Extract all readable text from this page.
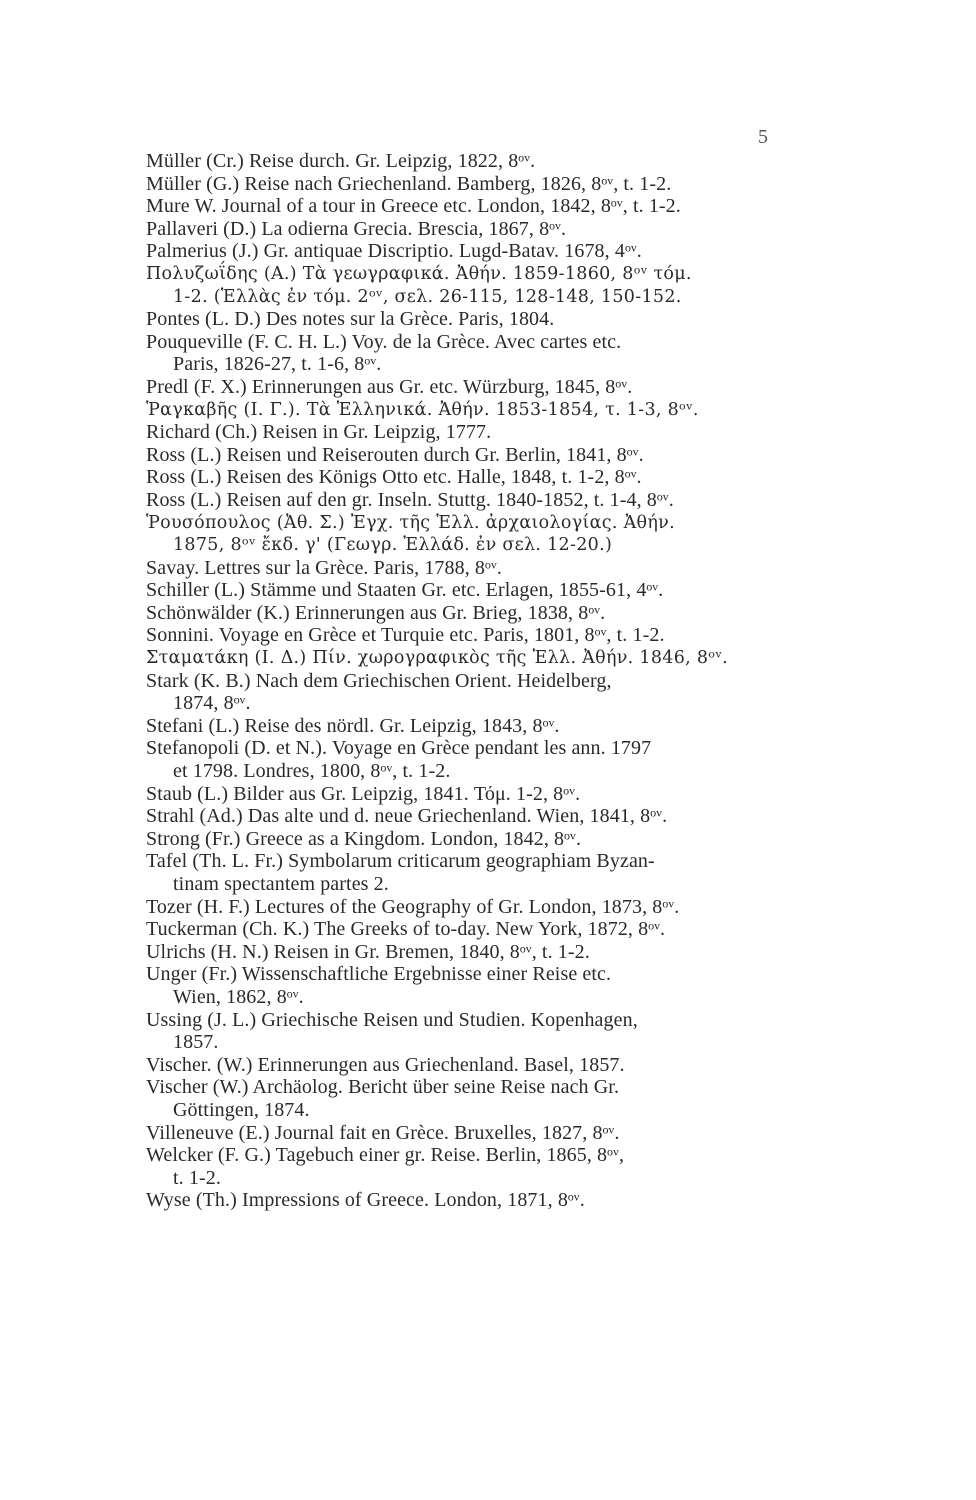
5

Müller (Cr.) Reise durch. Gr. Leipzig, 1822, 8ᵒᵛ.

Müller (G.) Reise nach Griechenland. Bamberg, 1826, 8ᵒᵛ, t. 1-2.

Mure W. Journal of a tour in Greece etc. London, 1842, 8ᵒᵛ, t. 1-2.

Pallaveri (D.) La odierna Grecia. Brescia, 1867, 8ᵒᵛ.

Palmerius (J.) Gr. antiquae Discriptio. Lugd-Batav. 1678, 4ᵒᵛ.

Πολυζωΐδης (Α.) Τὰ γεωγραφικά. Ἀθήν. 1859-1860, 8ᵒᵛ τόμ.

1-2. (Ἑλλὰς ἐν τόμ. 2ᵒᵛ, σελ. 26-115, 128-148, 150-152.

Pontes (L. D.) Des notes sur la Grèce. Paris, 1804.

Pouqueville (F. C. H. L.) Voy. de la Grèce. Avec cartes etc.

Paris, 1826-27, t. 1-6, 8ᵒᵛ.

Predl (F. X.) Erinnerungen aus Gr. etc. Würzburg, 1845, 8ᵒᵛ.

Ῥαγκαβῆς (Ι. Γ.). Τὰ Ἑλληνικά. Ἀθήν. 1853-1854, τ. 1-3, 8ᵒᵛ.

Richard (Ch.) Reisen in Gr. Leipzig, 1777.

Ross (L.) Reisen und Reiserouten durch Gr. Berlin, 1841, 8ᵒᵛ.

Ross (L.) Reisen des Königs Otto etc. Halle, 1848, t. 1-2, 8ᵒᵛ.

Ross (L.) Reisen auf den gr. Inseln. Stuttg. 1840-1852, t. 1-4, 8ᵒᵛ.

Ῥουσόπουλος (Ἀθ. Σ.) Ἐγχ. τῆς Ἑλλ. ἀρχαιολογίας. Ἀθήν.

1875, 8ᵒᵛ ἔκδ. γ' (Γεωγρ. Ἑλλάδ. ἐν σελ. 12-20.)

Savay. Lettres sur la Grèce. Paris, 1788, 8ᵒᵛ.

Schiller (L.) Stämme und Staaten Gr. etc. Erlagen, 1855-61, 4ᵒᵛ.

Schönwälder (K.) Erinnerungen aus Gr. Brieg, 1838, 8ᵒᵛ.

Sonnini. Voyage en Grèce et Turquie etc. Paris, 1801, 8ᵒᵛ, t. 1-2.

Σταματάκη (Ι. Δ.) Πίν. χωρογραφικὸς τῆς Ἑλλ. Ἀθήν. 1846, 8ᵒᵛ.

Stark (K. B.) Nach dem Griechischen Orient. Heidelberg,

1874, 8ᵒᵛ.

Stefani (L.) Reise des nördl. Gr. Leipzig, 1843, 8ᵒᵛ.

Stefanopoli (D. et N.). Voyage en Grèce pendant les ann. 1797

et 1798. Londres, 1800, 8ᵒᵛ, t. 1-2.

Staub (L.) Bilder aus Gr. Leipzig, 1841. Τόμ. 1-2, 8ᵒᵛ.

Strahl (Ad.) Das alte und d. neue Griechenland. Wien, 1841, 8ᵒᵛ.

Strong (Fr.) Greece as a Kingdom. London, 1842, 8ᵒᵛ.

Tafel (Th. L. Fr.) Symbolarum criticarum geographiam Byzan-

tinam spectantem partes 2.

Tozer (H. F.) Lectures of the Geography of Gr. London, 1873, 8ᵒᵛ.

Tuckerman (Ch. K.) The Greeks of to-day. New York, 1872, 8ᵒᵛ.

Ulrichs (H. N.) Reisen in Gr. Bremen, 1840, 8ᵒᵛ, t. 1-2.

Unger (Fr.) Wissenschaftliche Ergebnisse einer Reise etc.

Wien, 1862, 8ᵒᵛ.

Ussing (J. L.) Griechische Reisen und Studien. Kopenhagen,

1857.

Vischer. (W.) Erinnerungen aus Griechenland. Basel, 1857.

Vischer (W.) Archäolog. Bericht über seine Reise nach Gr.

Göttingen, 1874.

Villeneuve (E.) Journal fait en Grèce. Bruxelles, 1827, 8ᵒᵛ.

Welcker (F. G.) Tagebuch einer gr. Reise. Berlin, 1865, 8ᵒᵛ,

t. 1-2.

Wyse (Th.) Impressions of Greece. London, 1871, 8ᵒᵛ.
